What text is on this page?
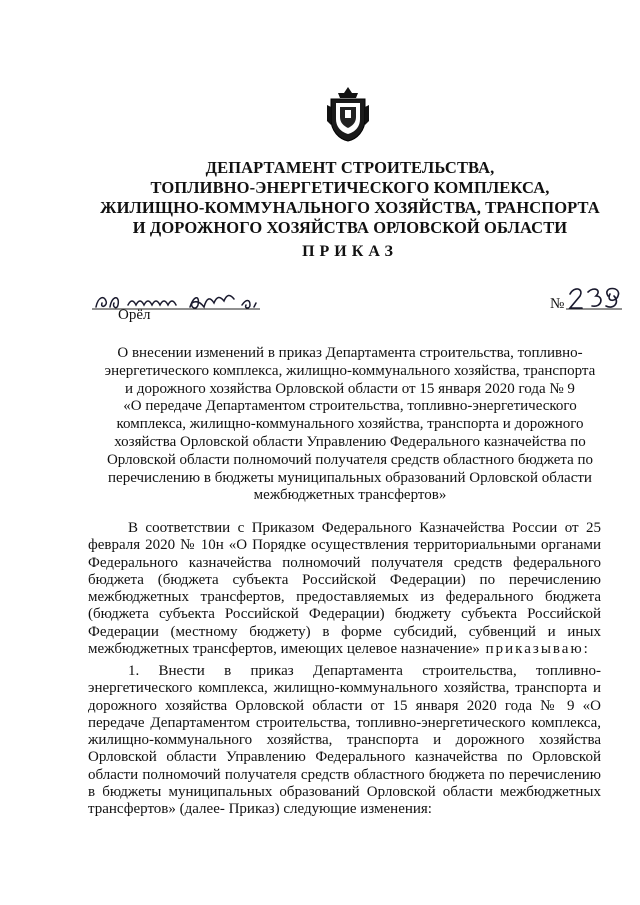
ДЕПАРТАМЕНТ СТРОИТЕЛЬСТВА,
ТОПЛИВНО-ЭНЕРГЕТИЧЕСКОГО КОМПЛЕКСА,
ЖИЛИЩНО-КОММУНАЛЬНОГО ХОЗЯЙСТВА, ТРАНСПОРТА
И ДОРОЖНОГО ХОЗЯЙСТВА ОРЛОВСКОЙ ОБЛАСТИ
ПРИКАЗ
Орёл
№
О внесении изменений в приказ Департамента строительства, топливно-
энергетического комплекса, жилищно-коммунального хозяйства, транспорта
и дорожного хозяйства Орловской области от 15 января 2020 года № 9
«О передаче Департаментом строительства, топливно-энергетического
комплекса, жилищно-коммунального хозяйства, транспорта и дорожного
хозяйства Орловской области Управлению Федерального казначейства по
Орловской области полномочий получателя средств областного бюджета по
перечислению в бюджеты муниципальных образований Орловской области
межбюджетных трансфертов»

В соответствии с Приказом Федерального Казначейства России от 25 февраля 2020 № 10н «О Порядке осуществления территориальными органами Федерального казначейства полномочий получателя средств федерального бюджета (бюджета субъекта Российской Федерации) по перечислению межбюджетных трансфертов, предоставляемых из федерального бюджета (бюджета субъекта Российской Федерации) бюджету субъекта Российской Федерации (местному бюджету) в форме субсидий, субвенций и иных межбюджетных трансфертов, имеющих целевое назначение» приказываю:

1. Внести в приказ Департамента строительства, топливно-энергетического комплекса, жилищно-коммунального хозяйства, транспорта и дорожного хозяйства Орловской области от 15 января 2020 года № 9 «О передаче Департаментом строительства, топливно-энергетического комплекса, жилищно-коммунального хозяйства, транспорта и дорожного хозяйства Орловской области Управлению Федерального казначейства по Орловской области полномочий получателя средств областного бюджета по перечислению в бюджеты муниципальных образований Орловской области межбюджетных трансфертов» (далее- Приказ) следующие изменения:
